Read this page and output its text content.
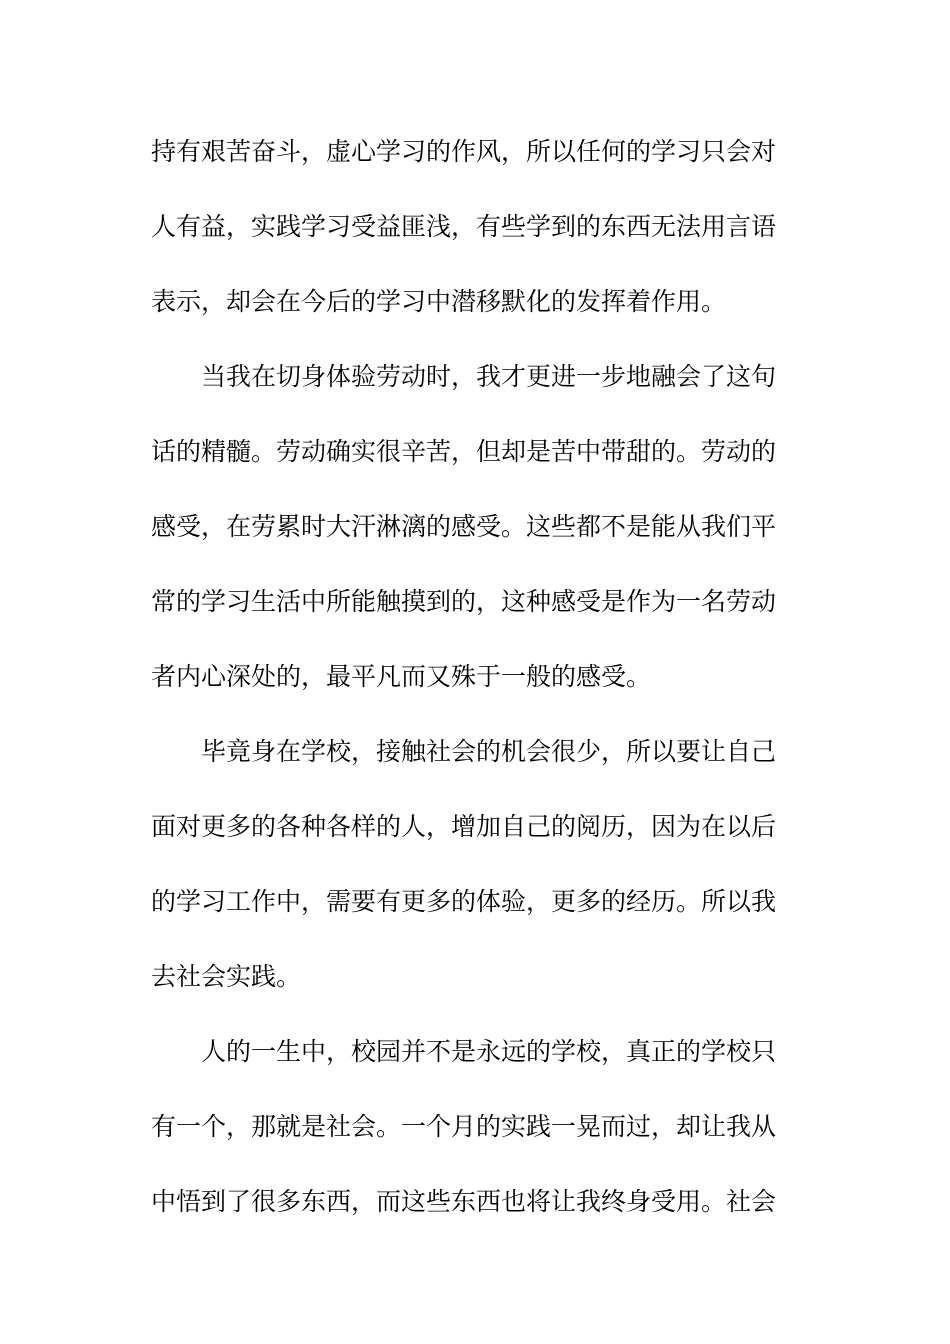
持有艰苦奋斗，虚心学习的作风，所以任何的学习只会对
人有益，实践学习受益匪浅，有些学到的东西无法用言语
表示，却会在今后的学习中潜移默化的发挥着作用。
当我在切身体验劳动时，我才更进一步地融会了这句
话的精髓。劳动确实很辛苦，但却是苦中带甜的。劳动的
感受，在劳累时大汗淋漓的感受。这些都不是能从我们平
常的学习生活中所能触摸到的，这种感受是作为一名劳动
者内心深处的，最平凡而又殊于一般的感受。
毕竟身在学校，接触社会的机会很少，所以要让自己
面对更多的各种各样的人，增加自己的阅历，因为在以后
的学习工作中，需要有更多的体验，更多的经历。所以我
去社会实践。
人的一生中，校园并不是永远的学校，真正的学校只
有一个，那就是社会。一个月的实践一晃而过，却让我从
中悟到了很多东西，而这些东西也将让我终身受用。社会
